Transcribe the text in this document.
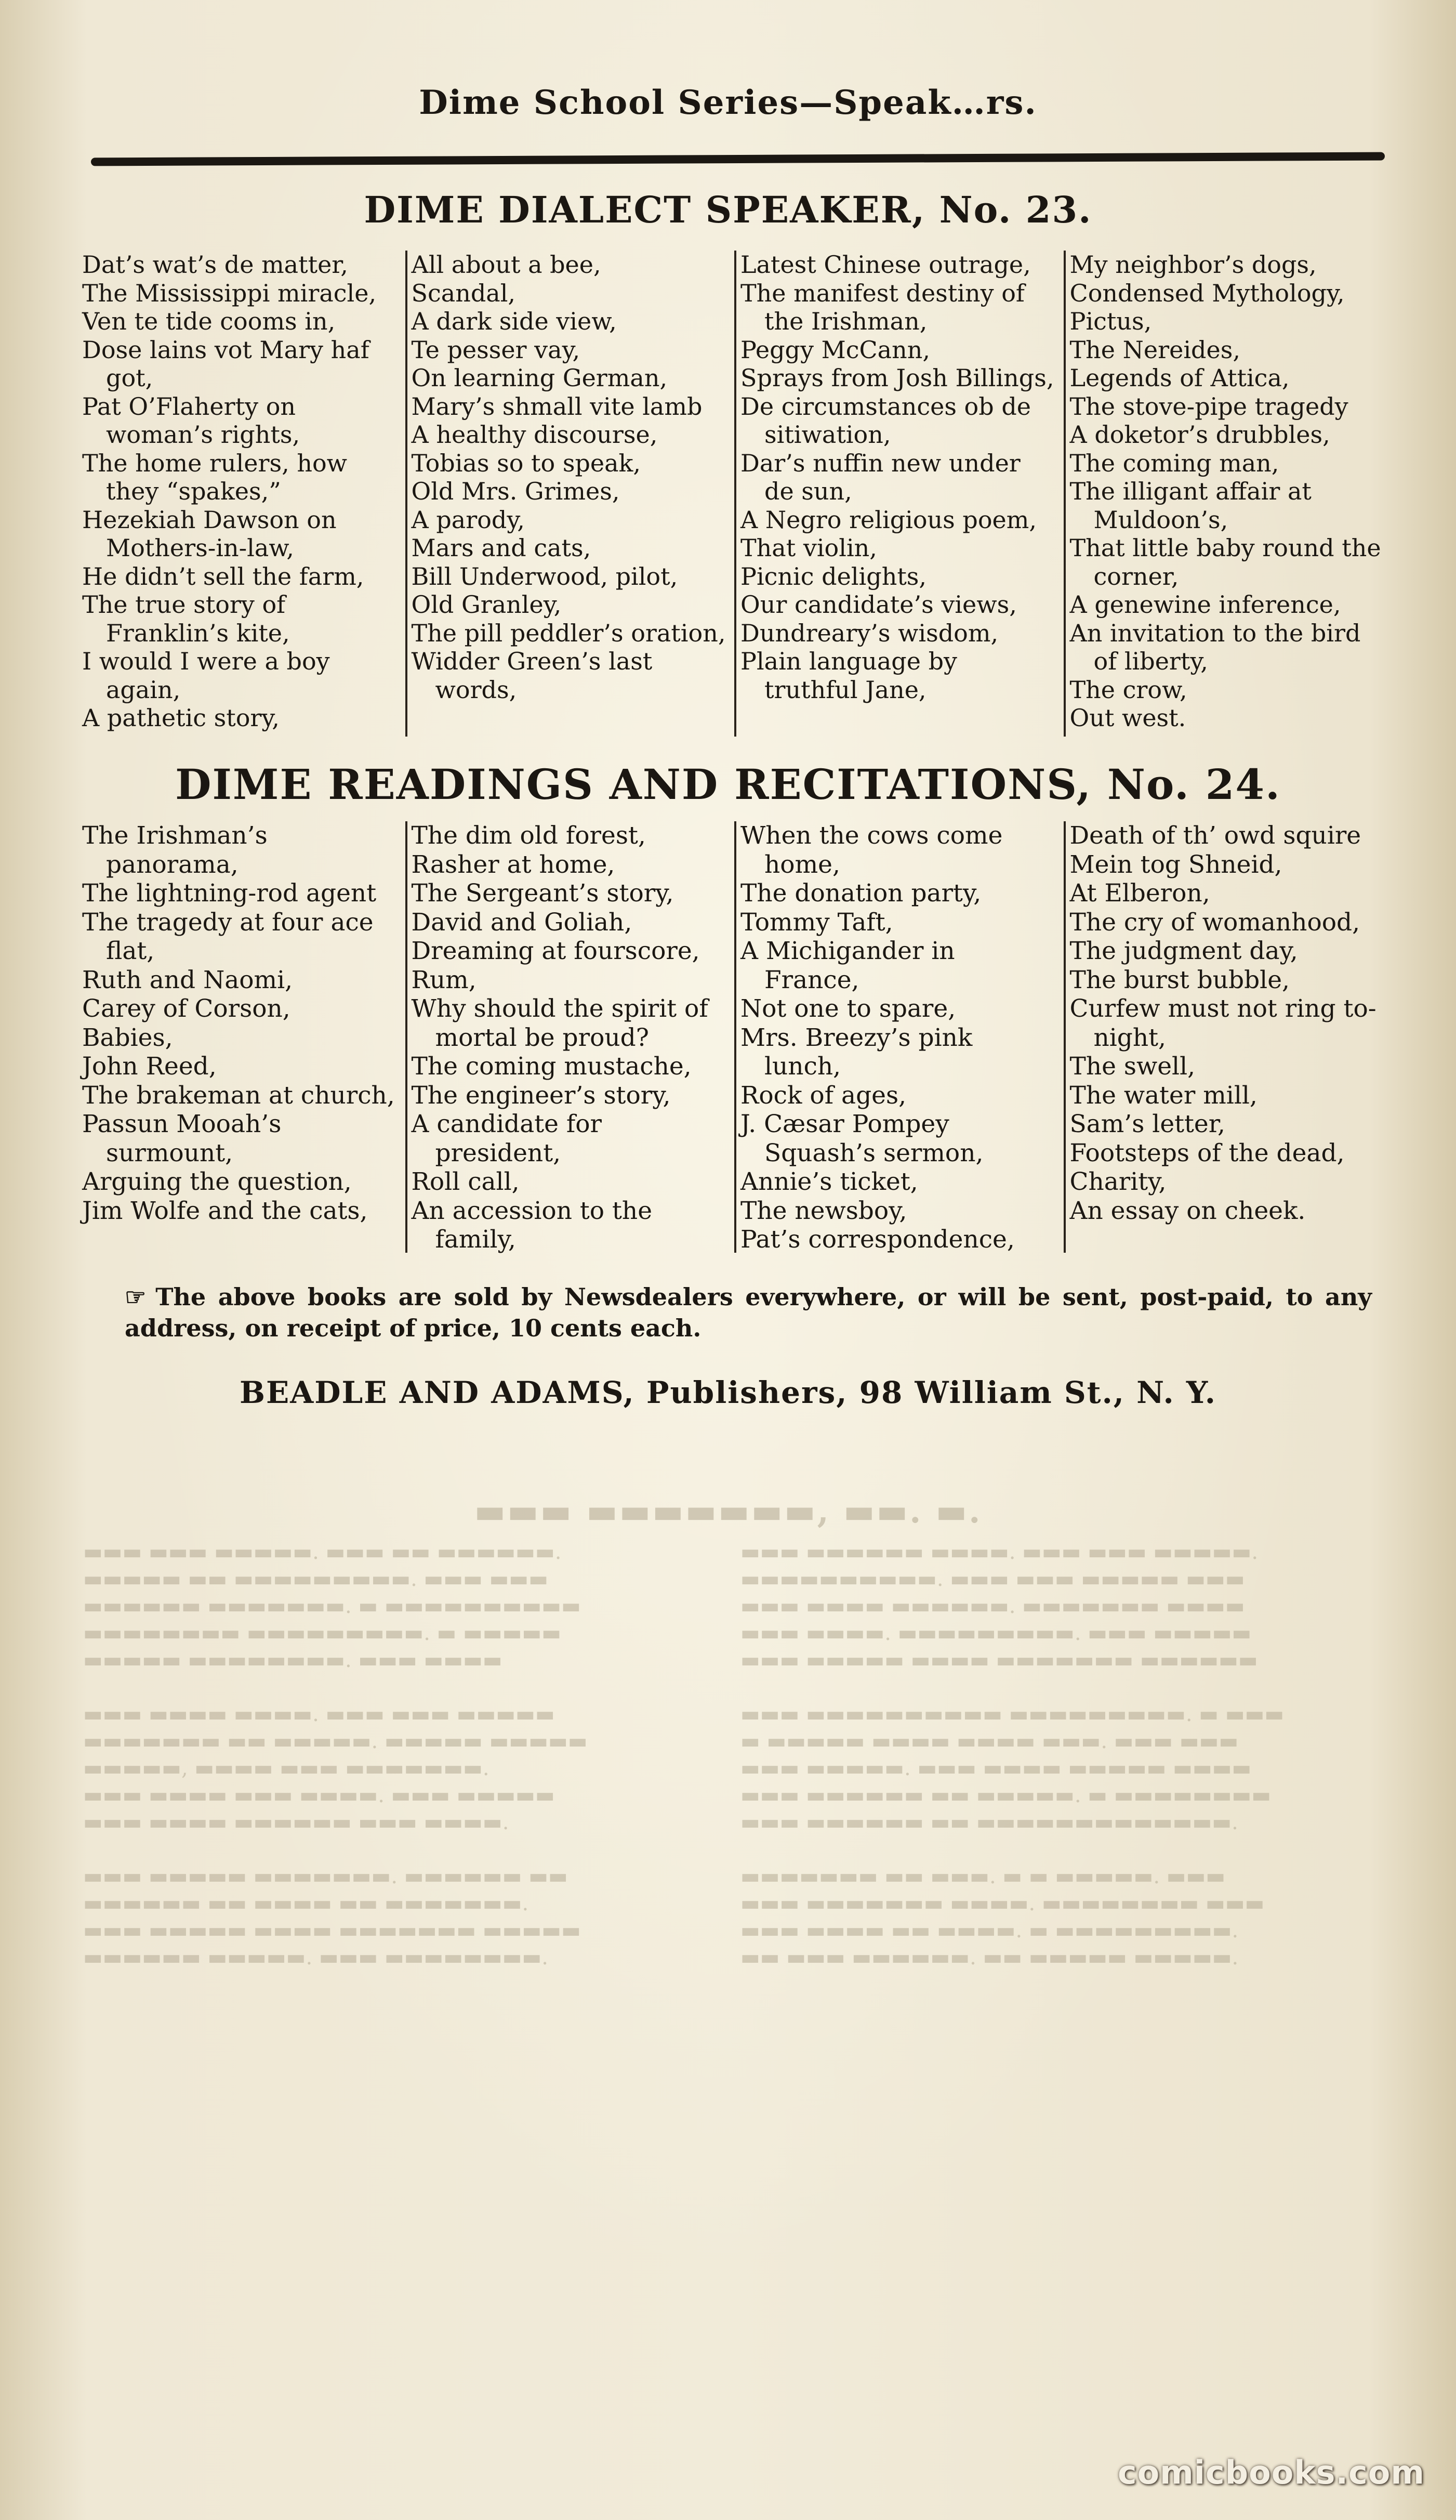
Dime School Series—Speak…rs.
▬▬▬ ▬▬▬▬▬▬▬, ▬▬. ▬.
▬▬▬ ▬▬▬ ▬▬▬▬▬. ▬▬▬ ▬▬ ▬▬▬▬▬▬.
▬▬▬▬▬ ▬▬ ▬▬▬▬▬▬▬▬▬. ▬▬▬ ▬▬▬
▬▬▬▬▬▬ ▬▬▬▬▬▬▬. ▬ ▬▬▬▬▬▬▬▬▬▬
▬▬▬▬▬▬▬▬ ▬▬▬▬▬▬▬▬▬. ▬ ▬▬▬▬▬
▬▬▬▬▬ ▬▬▬▬▬▬▬▬. ▬▬▬ ▬▬▬▬

▬▬▬ ▬▬▬▬ ▬▬▬▬. ▬▬▬ ▬▬▬ ▬▬▬▬▬
▬▬▬▬▬▬▬ ▬▬ ▬▬▬▬▬. ▬▬▬▬▬ ▬▬▬▬▬
▬▬▬▬▬, ▬▬▬▬ ▬▬▬ ▬▬▬▬▬▬▬.
▬▬▬ ▬▬▬▬ ▬▬▬ ▬▬▬▬. ▬▬▬ ▬▬▬▬▬
▬▬▬ ▬▬▬▬ ▬▬▬▬▬▬ ▬▬▬ ▬▬▬▬.

▬▬▬ ▬▬▬▬▬ ▬▬▬▬▬▬▬. ▬▬▬▬▬▬ ▬▬
▬▬▬▬▬▬ ▬▬ ▬▬▬▬ ▬▬ ▬▬▬▬▬▬▬.
▬▬▬ ▬▬▬▬▬ ▬▬▬▬ ▬▬▬▬▬▬▬ ▬▬▬▬▬
▬▬▬▬▬▬ ▬▬▬▬▬. ▬▬▬ ▬▬▬▬▬▬▬▬.
▬▬▬ ▬▬▬▬▬▬ ▬▬▬▬. ▬▬▬ ▬▬▬ ▬▬▬▬▬.
▬▬▬▬▬▬▬▬▬▬. ▬▬▬ ▬▬▬ ▬▬▬▬▬ ▬▬▬
▬▬▬ ▬▬▬▬ ▬▬▬▬▬▬. ▬▬▬▬▬▬▬ ▬▬▬▬
▬▬▬ ▬▬▬▬. ▬▬▬▬▬▬▬▬▬. ▬▬▬ ▬▬▬▬▬
▬▬▬ ▬▬▬▬▬ ▬▬▬▬ ▬▬▬▬▬▬▬ ▬▬▬▬▬▬

▬▬▬ ▬▬▬▬▬▬▬▬▬▬ ▬▬▬▬▬▬▬▬▬. ▬ ▬▬▬
▬ ▬▬▬▬▬ ▬▬▬▬ ▬▬▬▬ ▬▬▬. ▬▬▬ ▬▬▬
▬▬▬ ▬▬▬▬▬. ▬▬▬ ▬▬▬▬ ▬▬▬▬▬ ▬▬▬▬
▬▬▬ ▬▬▬▬▬▬ ▬▬ ▬▬▬▬▬. ▬ ▬▬▬▬▬▬▬▬
▬▬▬ ▬▬▬▬▬▬ ▬▬ ▬▬▬▬▬▬▬▬▬▬▬▬▬.

▬▬▬▬▬▬▬ ▬▬ ▬▬▬. ▬ ▬ ▬▬▬▬▬. ▬▬▬
▬▬▬ ▬▬▬▬▬▬▬ ▬▬▬▬. ▬▬▬▬▬▬▬▬ ▬▬▬
▬▬▬ ▬▬▬▬ ▬▬ ▬▬▬▬. ▬ ▬▬▬▬▬▬▬▬▬.
▬▬ ▬▬▬ ▬▬▬▬▬▬. ▬▬ ▬▬▬▬▬ ▬▬▬▬▬.
DIME DIALECT SPEAKER, No. 23.
Dat’s wat’s de matter,
The Mississippi miracle,
Ven te tide cooms in,
Dose lains vot Mary haf got,
Pat O’Flaherty on woman’s rights,
The home rulers, how they “spakes,”
Hezekiah Dawson on Mothers-in-law,
He didn’t sell the farm,
The true story of Franklin’s kite,
I would I were a boy again,
A pathetic story,
All about a bee,
Scandal,
A dark side view,
Te pesser vay,
On learning German,
Mary’s shmall vite lamb
A healthy discourse,
Tobias so to speak,
Old Mrs. Grimes,
A parody,
Mars and cats,
Bill Underwood, pilot,
Old Granley,
The pill peddler’s oration,
Widder Green’s last words,
Latest Chinese outrage,
The manifest destiny of the Irishman,
Peggy McCann,
Sprays from Josh Billings,
De circumstances ob de sitiwation,
Dar’s nuffin new under de sun,
A Negro religious poem,
That violin,
Picnic delights,
Our candidate’s views,
Dundreary’s wisdom,
Plain language by truthful Jane,
My neighbor’s dogs,
Condensed Mythology,
Pictus,
The Nereides,
Legends of Attica,
The stove-pipe tragedy
A doketor’s drubbles,
The coming man,
The illigant affair at Muldoon’s,
That little baby round the corner,
A genewine inference,
An invitation to the bird of liberty,
The crow,
Out west.
DIME READINGS AND RECITATIONS, No. 24.
The Irishman’s panorama,
The lightning-rod agent
The tragedy at four ace flat,
Ruth and Naomi,
Carey of Corson,
Babies,
John Reed,
The brakeman at church,
Passun Mooah’s surmount,
Arguing the question,
Jim Wolfe and the cats,
The dim old forest,
Rasher at home,
The Sergeant’s story,
David and Goliah,
Dreaming at fourscore,
Rum,
Why should the spirit of mortal be proud?
The coming mustache,
The engineer’s story,
A candidate for president,
Roll call,
An accession to the family,
When the cows come home,
The donation party,
Tommy Taft,
A Michigander in France,
Not one to spare,
Mrs. Breezy’s pink lunch,
Rock of ages,
J. Cæsar Pompey Squash’s sermon,
Annie’s ticket,
The newsboy,
Pat’s correspondence,
Death of th’ owd squire
Mein tog Shneid,
At Elberon,
The cry of womanhood,
The judgment day,
The burst bubble,
Curfew must not ring to-night,
The swell,
The water mill,
Sam’s letter,
Footsteps of the dead,
Charity,
An essay on cheek.
☞ The above books are sold by Newsdealers everywhere, or will be sent, post-paid, to any address, on receipt of price, 10 cents each.
BEADLE AND ADAMS, Publishers, 98 William St., N. Y.
comicbooks.com
